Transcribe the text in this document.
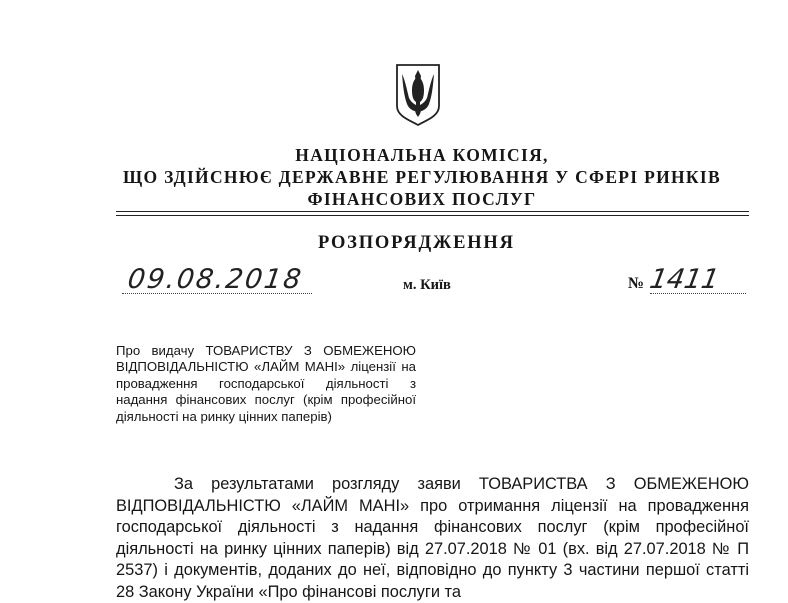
НАЦІОНАЛЬНА КОМІСІЯ,
ЩО ЗДІЙСНЮЄ ДЕРЖАВНЕ РЕГУЛЮВАННЯ У СФЕРІ РИНКІВ
ФІНАНСОВИХ ПОСЛУГ
РОЗПОРЯДЖЕННЯ
09.08.2018	м. Київ	№ 1411

Про видачу ТОВАРИСТВУ З ОБМЕЖЕНОЮ ВІДПОВІДАЛЬНІСТЮ «ЛАЙМ МАНІ» ліцензії на провадження господарської діяльності з надання фінансових послуг (крім професійної діяльності на ринку цінних паперів)

За результатами розгляду заяви ТОВАРИСТВА З ОБМЕЖЕНОЮ ВІДПОВІДАЛЬНІСТЮ «ЛАЙМ МАНІ» про отримання ліцензії на провадження господарської діяльності з надання фінансових послуг (крім професійної діяльності на ринку цінних паперів) від 27.07.2018 № 01 (вх. від 27.07.2018 № П 2537) і документів, доданих до неї, відповідно до пункту 3 частини першої статті 28 Закону України «Про фінансові послуги та
